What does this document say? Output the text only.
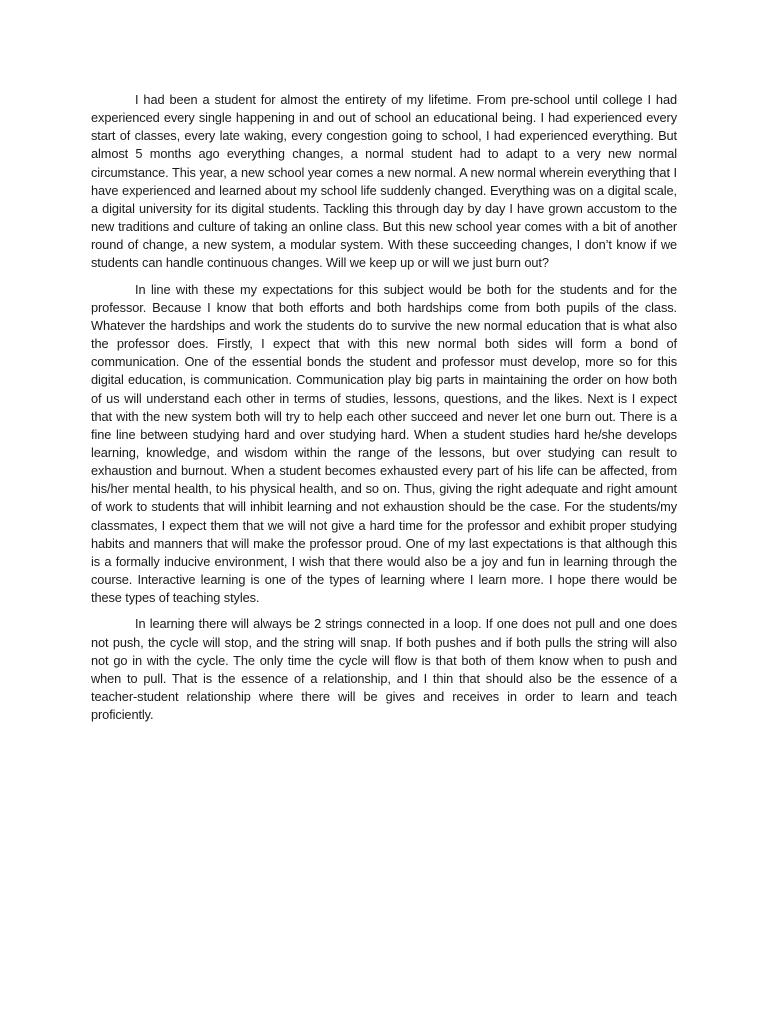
I had been a student for almost the entirety of my lifetime. From pre-school until college I had experienced every single happening in and out of school an educational being. I had experienced every start of classes, every late waking, every congestion going to school, I had experienced everything. But almost 5 months ago everything changes, a normal student had to adapt to a very new normal circumstance. This year, a new school year comes a new normal. A new normal wherein everything that I have experienced and learned about my school life suddenly changed. Everything was on a digital scale, a digital university for its digital students. Tackling this through day by day I have grown accustom to the new traditions and culture of taking an online class. But this new school year comes with a bit of another round of change, a new system, a modular system. With these succeeding changes, I don’t know if we students can handle continuous changes. Will we keep up or will we just burn out?

In line with these my expectations for this subject would be both for the students and for the professor. Because I know that both efforts and both hardships come from both pupils of the class. Whatever the hardships and work the students do to survive the new normal education that is what also the professor does. Firstly, I expect that with this new normal both sides will form a bond of communication. One of the essential bonds the student and professor must develop, more so for this digital education, is communication. Communication play big parts in maintaining the order on how both of us will understand each other in terms of studies, lessons, questions, and the likes. Next is I expect that with the new system both will try to help each other succeed and never let one burn out. There is a fine line between studying hard and over studying hard. When a student studies hard he/she develops learning, knowledge, and wisdom within the range of the lessons, but over studying can result to exhaustion and burnout. When a student becomes exhausted every part of his life can be affected, from his/her mental health, to his physical health, and so on. Thus, giving the right adequate and right amount of work to students that will inhibit learning and not exhaustion should be the case. For the students/my classmates, I expect them that we will not give a hard time for the professor and exhibit proper studying habits and manners that will make the professor proud. One of my last expectations is that although this is a formally inducive environment, I wish that there would also be a joy and fun in learning through the course. Interactive learning is one of the types of learning where I learn more. I hope there would be these types of teaching styles.

In learning there will always be 2 strings connected in a loop. If one does not pull and one does not push, the cycle will stop, and the string will snap. If both pushes and if both pulls the string will also not go in with the cycle. The only time the cycle will flow is that both of them know when to push and when to pull. That is the essence of a relationship, and I thin that should also be the essence of a teacher-student relationship where there will be gives and receives in order to learn and teach proficiently.
